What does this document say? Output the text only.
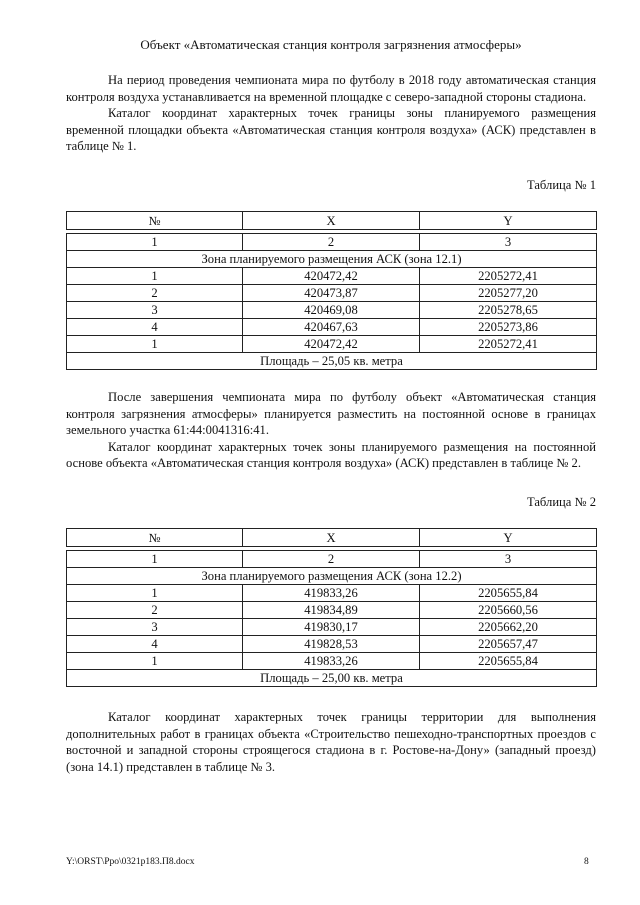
Объект «Автоматическая станция контроля загрязнения атмосферы»

На период проведения чемпионата мира по футболу в 2018 году автоматическая станция контроля воздуха устанавливается на временной площадке с северо-западной стороны стадиона.

Каталог координат характерных точек границы зоны планируемого размещения временной площадки объекта «Автоматическая станция контроля воздуха» (АСК) представлен в таблице № 1.

Таблица № 1
№	X	Y

1	2	3
Зона планируемого размещения АСК (зона 12.1)		
1	420472,42	2205272,41
2	420473,87	2205277,20
3	420469,08	2205278,65
4	420467,63	2205273,86
1	420472,42	2205272,41
Площадь – 25,05 кв. метра		

После завершения чемпионата мира по футболу объект «Автоматическая станция контроля загрязнения атмосферы» планируется разместить на постоянной основе в границах земельного участка 61:44:0041316:41.

Каталог координат характерных точек зоны планируемого размещения на постоянной основе объекта «Автоматическая станция контроля воздуха» (АСК) представлен в таблице № 2.

Таблица № 2
№	X	Y

1	2	3
Зона планируемого размещения АСК (зона 12.2)		
1	419833,26	2205655,84
2	419834,89	2205660,56
3	419830,17	2205662,20
4	419828,53	2205657,47
1	419833,26	2205655,84
Площадь – 25,00 кв. метра		

Каталог координат характерных точек границы территории для выполнения дополнительных работ в границах объекта «Строительство пешеходно-транспортных проездов с восточной и западной стороны строящегося стадиона в г. Ростове-на-Дону» (западный проезд) (зона 14.1) представлен в таблице № 3.

Y:\ORST\Ppo\0321p183.П8.docx	8
